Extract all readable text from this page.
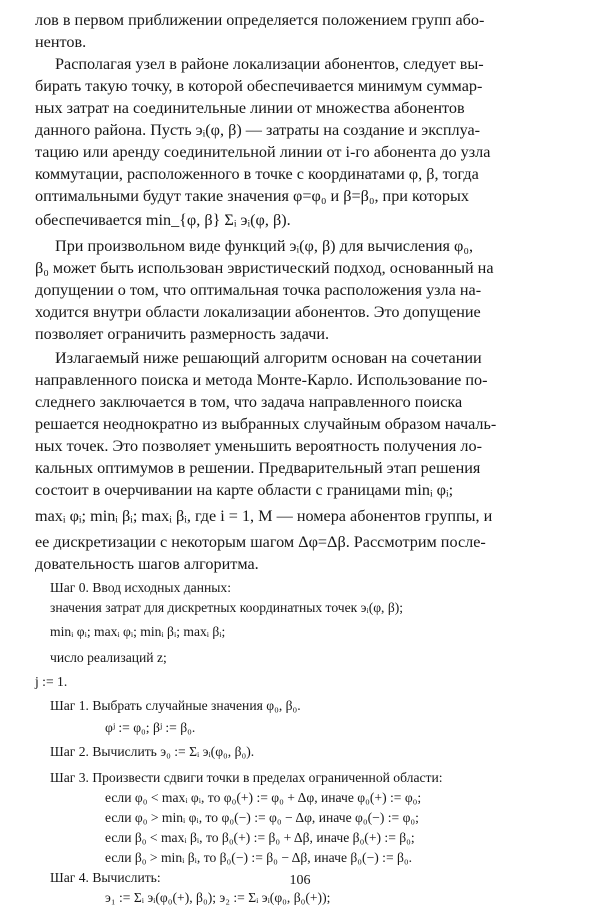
лов в первом приближении определяется положением групп або-
нентов.
Располагая узел в районе локализации абонентов, следует вы-
бирать такую точку, в которой обеспечивается минимум суммар-
ных затрат на соединительные линии от множества абонентов
данного района. Пусть эᵢ(φ, β) — затраты на создание и эксплуа-
тацию или аренду соединительной линии от i-го абонента до узла
коммутации, расположенного в точке с координатами φ, β, тогда
оптимальными будут такие значения φ=φ₀ и β=β₀, при которых
обеспечивается min_{φ, β} Σᵢ эᵢ(φ, β).
При произвольном виде функций эᵢ(φ, β) для вычисления φ₀,
β₀ может быть использован эвристический подход, основанный на
допущении о том, что оптимальная точка расположения узла на-
ходится внутри области локализации абонентов. Это допущение
позволяет ограничить размерность задачи.
Излагаемый ниже решающий алгоритм основан на сочетании
направленного поиска и метода Монте-Карло. Использование по-
следнего заключается в том, что задача направленного поиска
решается неоднократно из выбранных случайным образом началь-
ных точек. Это позволяет уменьшить вероятность получения ло-
кальных оптимумов в решении. Предварительный этап решения
состоит в очерчивании на карте области с границами minᵢ φᵢ;
maxᵢ φᵢ; minᵢ βᵢ; maxᵢ βᵢ, где i = 1, M — номера абонентов группы, и
ее дискретизации с некоторым шагом Δφ=Δβ. Рассмотрим после-
довательность шагов алгоритма.
Шаг 0. Ввод исходных данных:
значения затрат для дискретных координатных точек эᵢ(φ, β);
minᵢ φᵢ; maxᵢ φᵢ; minᵢ βᵢ; maxᵢ βᵢ;
число реализаций z;
j := 1.
Шаг 1. Выбрать случайные значения φ₀, β₀.
φʲ := φ₀; βʲ := β₀.
Шаг 2. Вычислить э₀ := Σᵢ эᵢ(φ₀, β₀).
Шаг 3. Произвести сдвиги точки в пределах ограниченной области:
если φ₀ < maxᵢ φᵢ, то φ₀(+) := φ₀ + Δφ, иначе φ₀(+) := φ₀;
если φ₀ > minᵢ φᵢ, то φ₀(−) := φ₀ − Δφ, иначе φ₀(−) := φ₀;
если β₀ < maxᵢ βᵢ, то β₀(+) := β₀ + Δβ, иначе β₀(+) := β₀;
если β₀ > minᵢ βᵢ, то β₀(−) := β₀ − Δβ, иначе β₀(−) := β₀.
Шаг 4. Вычислить:
э₁ := Σᵢ эᵢ(φ₀(+), β₀); э₂ := Σᵢ эᵢ(φ₀, β₀(+));
106
